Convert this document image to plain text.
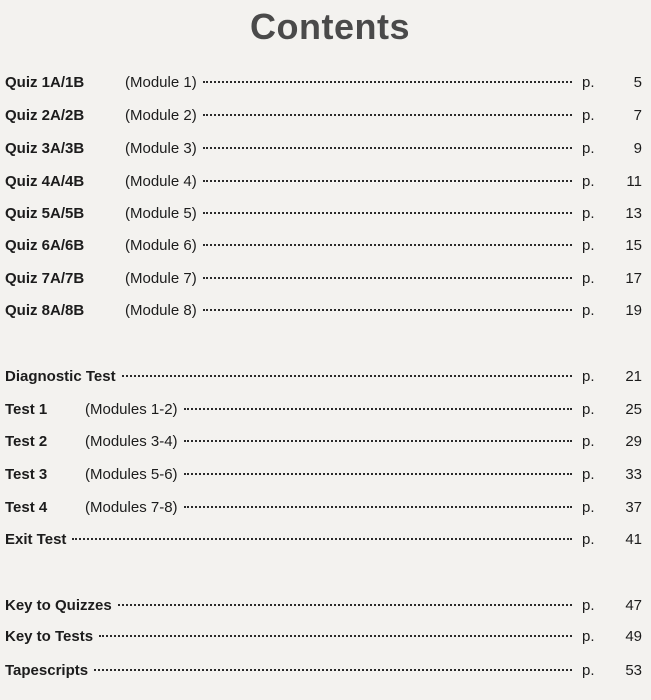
Contents
Quiz 1A/1B	(Module 1)	p.	5
Quiz 2A/2B	(Module 2)	p.	7
Quiz 3A/3B	(Module 3)	p.	9
Quiz 4A/4B	(Module 4)	p.	11
Quiz 5A/5B	(Module 5)	p.	13
Quiz 6A/6B	(Module 6)	p.	15
Quiz 7A/7B	(Module 7)	p.	17
Quiz 8A/8B	(Module 8)	p.	19
Diagnostic Test	p.	21
Test 1	(Modules 1-2)	p.	25
Test 2	(Modules 3-4)	p.	29
Test 3	(Modules 5-6)	p.	33
Test 4	(Modules 7-8)	p.	37
Exit Test	p.	41
Key to Quizzes	p.	47
Key to Tests	p.	49
Tapescripts	p.	53
